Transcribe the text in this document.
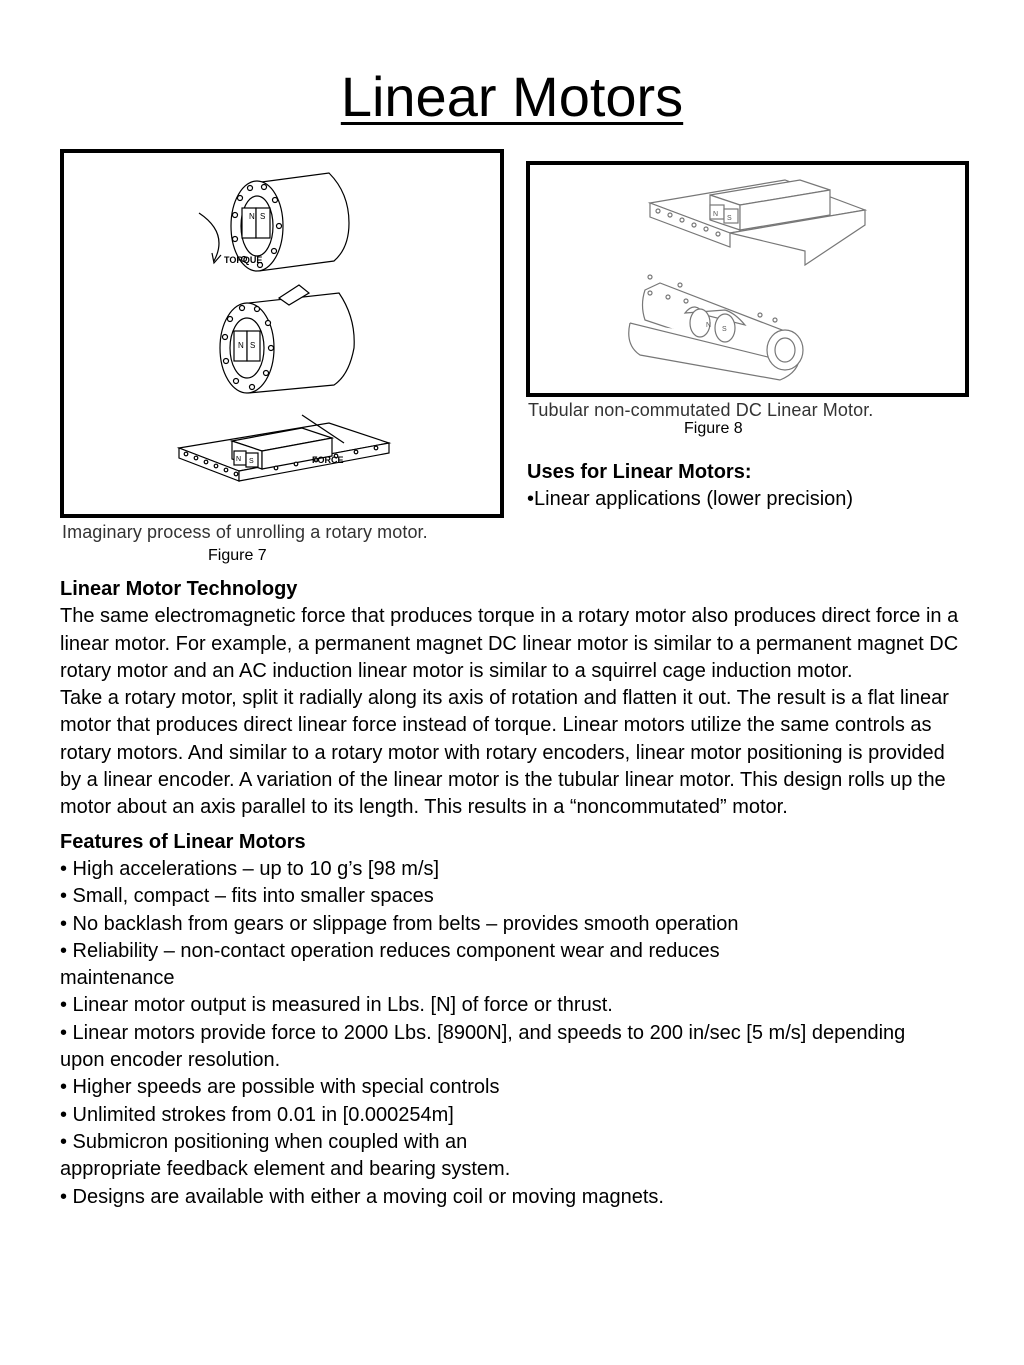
Linear Motors
N S
TORQUE
N S
N S	FORCE
Imaginary process of unrolling a rotary motor.
Figure 7
N
S
N
S
Tubular non-commutated DC Linear Motor.
Figure 8
Uses for Linear Motors:
•Linear applications (lower precision)

Linear Motor Technology

The same electromagnetic force that produces torque in a rotary motor also produces direct force in a linear motor. For example, a permanent magnet DC linear motor is similar to a permanent magnet DC rotary motor and an AC induction linear motor is similar to a squirrel cage induction motor.

Take a rotary motor, split it radially along its axis of rotation and flatten it out. The result is a flat linear motor that produces direct linear force instead of torque. Linear motors utilize the same controls as rotary motors. And similar to a rotary motor with rotary encoders, linear motor positioning is provided by a linear encoder. A variation of the linear motor is the tubular linear motor. This design rolls up the motor about an axis parallel to its length. This results in a “noncommutated” motor.

Features of Linear Motors

• High accelerations – up to 10 g’s [98 m/s]

• Small, compact – fits into smaller spaces

• No backlash from gears or slippage from belts – provides smooth operation

• Reliability – non-contact operation reduces component wear and reduces maintenance

• Linear motor output is measured in Lbs. [N] of force or thrust.

• Linear motors provide force to 2000 Lbs. [8900N], and speeds to 200 in/sec [5 m/s] depending upon encoder resolution.

• Higher speeds are possible with special controls

• Unlimited strokes from 0.01 in [0.000254m]

• Submicron positioning when coupled with an

appropriate feedback element and bearing system.

• Designs are available with either a moving coil or moving magnets.
